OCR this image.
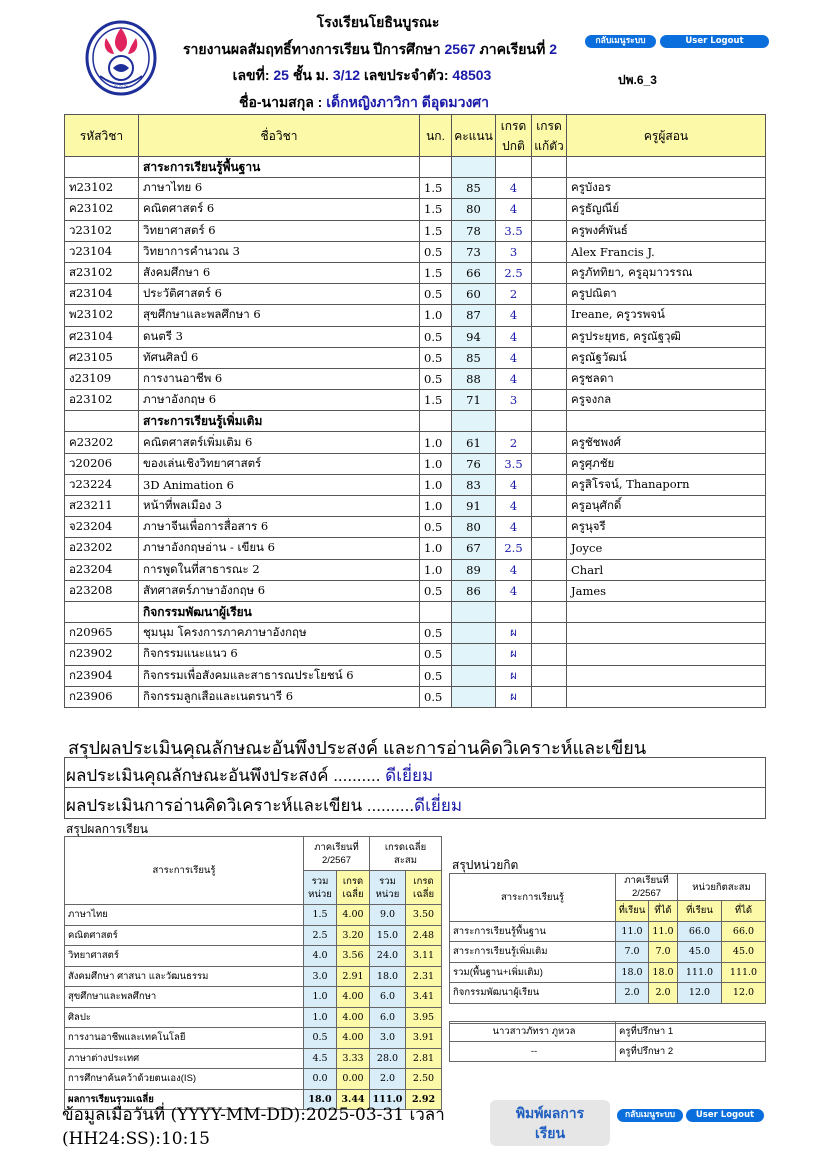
~~~~~
โรงเรียนโยธินบูรณะ
รายงานผลสัมฤทธิ์ทางการเรียน ปีการศึกษา 2567 ภาคเรียนที่ 2
เลขที่: 25 ชั้น ม. 3/12 เลขประจำตัว: 48503
ชื่อ-นามสกุล : เด็กหญิงภาวิกา ดีอุดมวงศา
ปพ.6_3
กลับเมนูระบบ	User Logout
รหัสวิชา	ชื่อวิชา	นก.	คะแนน	เกรด
ปกติ	เกรด
แก้ตัว	ครูผู้สอน
	สาระการเรียนรู้พื้นฐาน					
ท23102	ภาษาไทย 6	1.5	85	4		ครูบังอร
ค23102	คณิตศาสตร์ 6	1.5	80	4		ครูธัญณีย์
ว23102	วิทยาศาสตร์ 6	1.5	78	3.5		ครูพงศ์พันธ์
ว23104	วิทยาการคำนวณ 3	0.5	73	3		Alex Francis J.
ส23102	สังคมศึกษา 6	1.5	66	2.5		ครูภัททิยา, ครูอุมาวรรณ
ส23104	ประวัติศาสตร์ 6	0.5	60	2		ครูปณิตา
พ23102	สุขศึกษาและพลศึกษา 6	1.0	87	4		Ireane, ครูวรพจน์
ศ23104	ดนตรี 3	0.5	94	4		ครูประยุทธ, ครูณัฐวุฒิ
ศ23105	ทัศนศิลป์ 6	0.5	85	4		ครูณัฐวัฒน์
ง23109	การงานอาชีพ 6	0.5	88	4		ครูชลดา
อ23102	ภาษาอังกฤษ 6	1.5	71	3		ครูจงกล
	สาระการเรียนรู้เพิ่มเติม					
ค23202	คณิตศาสตร์เพิ่มเติม 6	1.0	61	2		ครูชัชพงศ์
ว20206	ของเล่นเชิงวิทยาศาสตร์	1.0	76	3.5		ครูศุภชัย
ว23224	3D Animation 6	1.0	83	4		ครูสิโรจน์, Thanaporn
ส23211	หน้าที่พลเมือง 3	1.0	91	4		ครูอนุศักดิ์
จ23204	ภาษาจีนเพื่อการสื่อสาร 6	0.5	80	4		ครูนุจรี
อ23202	ภาษาอังกฤษอ่าน - เขียน 6	1.0	67	2.5		Joyce
อ23204	การพูดในที่สาธารณะ 2	1.0	89	4		Charl
อ23208	สัทศาสตร์ภาษาอังกฤษ 6	0.5	86	4		James
	กิจกรรมพัฒนาผู้เรียน					
ก20965	ชุมนุม โครงการภาคภาษาอังกฤษ	0.5		ผ		
ก23902	กิจกรรมแนะแนว 6	0.5		ผ		
ก23904	กิจกรรมเพื่อสังคมและสาธารณประโยชน์ 6	0.5		ผ		
ก23906	กิจกรรมลูกเสือและเนตรนารี 6	0.5		ผ		
สรุปผลประเมินคุณลักษณะอันพึงประสงค์ และการอ่านคิดวิเคราะห์และเขียน
ผลประเมินคุณลักษณะอันพึงประสงค์ .......... ดีเยี่ยม
ผลประเมินการอ่านคิดวิเคราะห์และเขียน ..........ดีเยี่ยม
สรุปผลการเรียน
สาระการเรียนรู้	ภาคเรียนที่
2/2567		เกรดเฉลี่ย
สะสม	
	รวม
หน่วย	เกรด
เฉลี่ย	รวม
หน่วย	เกรด
เฉลี่ย
ภาษาไทย	1.5	4.00	9.0	3.50
คณิตศาสตร์	2.5	3.20	15.0	2.48
วิทยาศาสตร์	4.0	3.56	24.0	3.11
สังคมศึกษา ศาสนา และวัฒนธรรม	3.0	2.91	18.0	2.31
สุขศึกษาและพลศึกษา	1.0	4.00	6.0	3.41
ศิลปะ	1.0	4.00	6.0	3.95
การงานอาชีพและเทคโนโลยี	0.5	4.00	3.0	3.91
ภาษาต่างประเทศ	4.5	3.33	28.0	2.81
การศึกษาค้นคว้าด้วยตนเอง(IS)	0.0	0.00	2.0	2.50
ผลการเรียนรวมเฉลี่ย	18.0	3.44	111.0	2.92
สรุปหน่วยกิต
สาระการเรียนรู้	ภาคเรียนที่
2/2567		หน่วยกิตสะสม	
	ที่เรียน	ที่ได้	ที่เรียน	ที่ได้
สาระการเรียนรู้พื้นฐาน	11.0	11.0	66.0	66.0
สาระการเรียนรู้เพิ่มเติม	7.0	7.0	45.0	45.0
รวม(พื้นฐาน+เพิ่มเติม)	18.0	18.0	111.0	111.0
กิจกรรมพัฒนาผู้เรียน	2.0	2.0	12.0	12.0

นาวสาวภัทรา ภูหวล	ครูที่ปรึกษา 1
--	ครูที่ปรึกษา 2
ข้อมูลเมื่อวันที่ (YYYY-MM-DD):2025-03-31 เวลา
(HH24:SS):10:15
พิมพ์ผลการ
เรียน
กลับเมนูระบบ	User Logout
